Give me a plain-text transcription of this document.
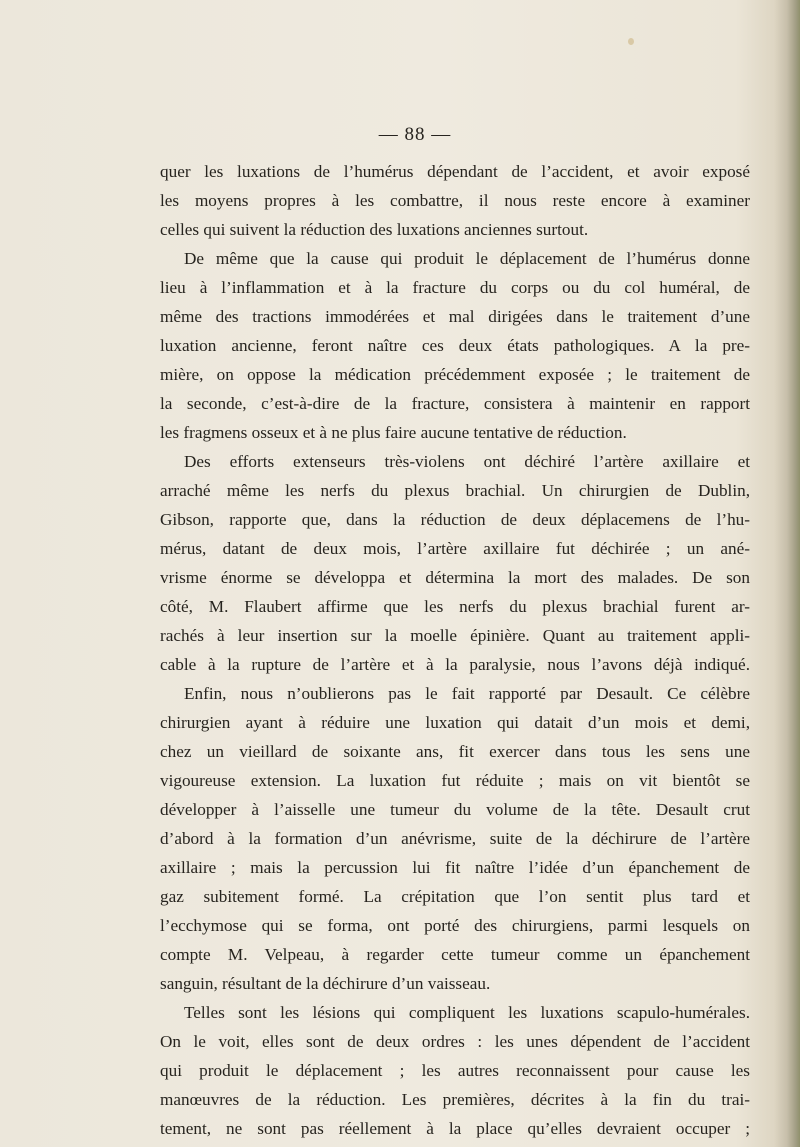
— 88 —
quer les luxations de l’humérus dépendant de l’accident, et avoir exposé
les moyens propres à les combattre, il nous reste encore à examiner
celles qui suivent la réduction des luxations anciennes surtout.
De même que la cause qui produit le déplacement de l’humérus donne
lieu à l’inflammation et à la fracture du corps ou du col huméral, de
même des tractions immodérées et mal dirigées dans le traitement d’une
luxation ancienne, feront naître ces deux états pathologiques. A la pre-
mière, on oppose la médication précédemment exposée ; le traitement de
la seconde, c’est-à-dire de la fracture, consistera à maintenir en rapport
les fragmens osseux et à ne plus faire aucune tentative de réduction.
Des efforts extenseurs très-violens ont déchiré l’artère axillaire et
arraché même les nerfs du plexus brachial. Un chirurgien de Dublin,
Gibson, rapporte que, dans la réduction de deux déplacemens de l’hu-
mérus, datant de deux mois, l’artère axillaire fut déchirée ; un ané-
vrisme énorme se développa et détermina la mort des malades. De son
côté, M. Flaubert affirme que les nerfs du plexus brachial furent ar-
rachés à leur insertion sur la moelle épinière. Quant au traitement appli-
cable à la rupture de l’artère et à la paralysie, nous l’avons déjà indiqué.
Enfin, nous n’oublierons pas le fait rapporté par Desault. Ce célèbre
chirurgien ayant à réduire une luxation qui datait d’un mois et demi,
chez un vieillard de soixante ans, fit exercer dans tous les sens une
vigoureuse extension. La luxation fut réduite ; mais on vit bientôt se
développer à l’aisselle une tumeur du volume de la tête. Desault crut
d’abord à la formation d’un anévrisme, suite de la déchirure de l’artère
axillaire ; mais la percussion lui fit naître l’idée d’un épanchement de
gaz subitement formé. La crépitation que l’on sentit plus tard et
l’ecchymose qui se forma, ont porté des chirurgiens, parmi lesquels on
compte M. Velpeau, à regarder cette tumeur comme un épanchement
sanguin, résultant de la déchirure d’un vaisseau.
Telles sont les lésions qui compliquent les luxations scapulo-humérales.
On le voit, elles sont de deux ordres : les unes dépendent de l’accident
qui produit le déplacement ; les autres reconnaissent pour cause les
manœuvres de la réduction. Les premières, décrites à la fin du trai-
tement, ne sont pas réellement à la place qu’elles devraient occuper ;
